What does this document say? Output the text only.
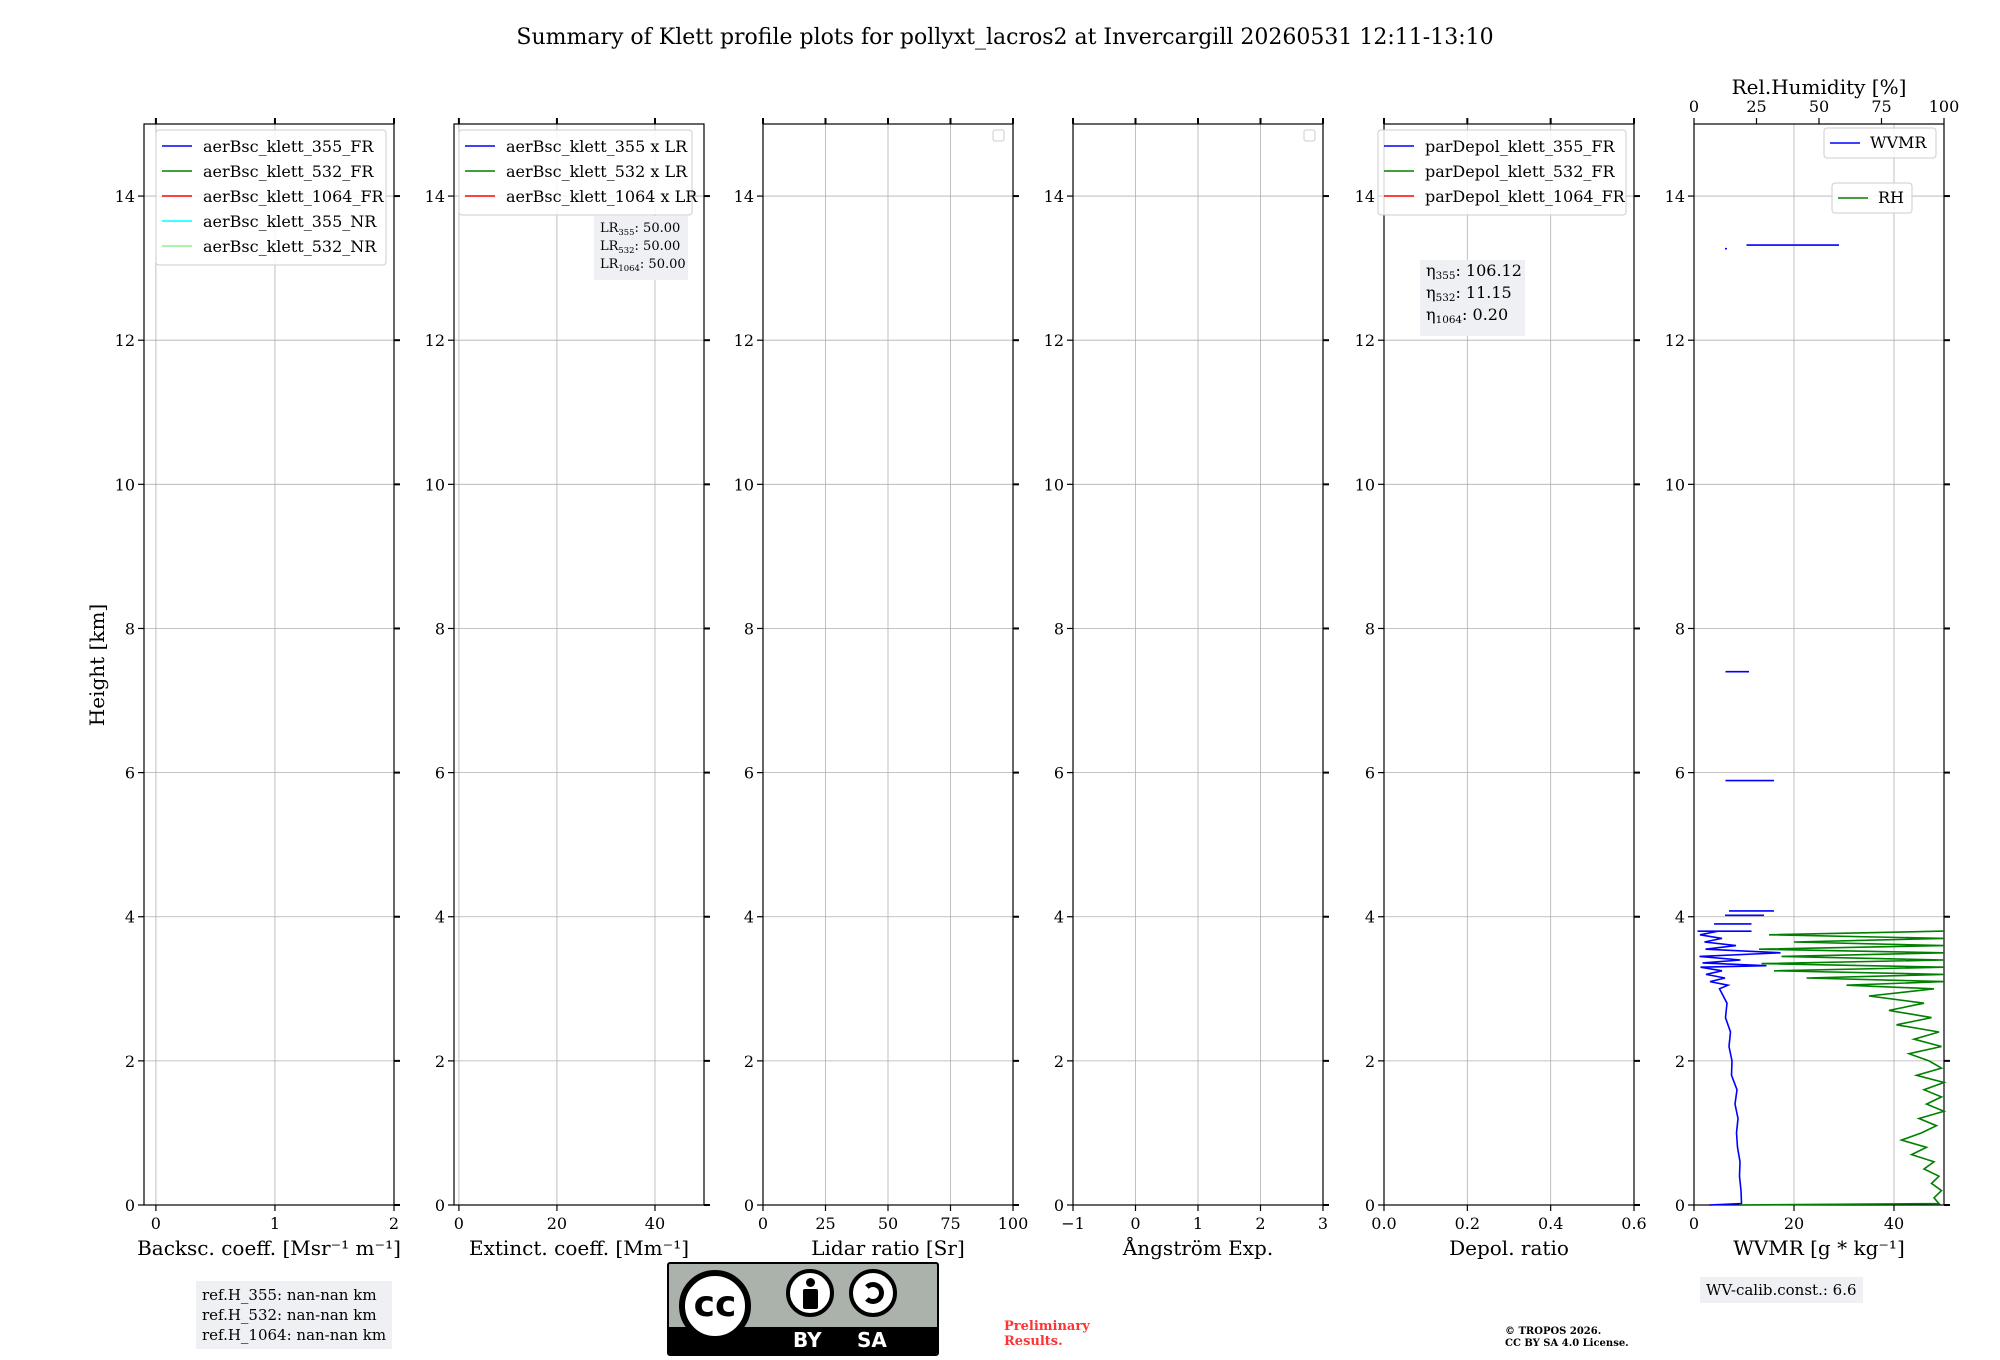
Summary of Klett profile plots for pollyxt_lacros2 at Invercargill 20260531 12:11-13:10
Height [km]
0
2
4
6
8
10
12
14
0	1	2
Backsc. coeff. [Msr⁻¹ m⁻¹]
aerBsc_klett_355_FR
aerBsc_klett_532_FR
aerBsc_klett_1064_FR
aerBsc_klett_355_NR
aerBsc_klett_532_NR
0
2
4
6
8
10
12
14
0	20	40
Extinct. coeff. [Mm⁻¹]
aerBsc_klett_355 x LR
aerBsc_klett_532 x LR
aerBsc_klett_1064 x LR
$LR_{355}$: 50.00
$LR_{532}$: 50.00
$LR_{1064}$: 50.00
0
2
4
6
8
10
12
14
0	25	50	75 100
Lidar ratio [Sr]
0
2
4
6
8
10
12
14
−1	0	1	2	3
Ångström Exp.
0
2
4
6
8
10
12
14
0.0	0.2	0.4	0.6
Depol. ratio
parDepol_klett_355_FR
parDepol_klett_532_FR
parDepol_klett_1064_FR
η355: 106.12
η532: 11.15
η1064: 0.20
0
2
4
6
8
10
12
14
0	20	40
WVMR [g * kg⁻¹]
0	25	50	75 100
Rel.Humidity [%]
WVMR
RH
ref.H_355: nan-nan km
ref.H_532: nan-nan km
ref.H_1064: nan-nan km
cc
BY SA
Preliminary
Results.
WV-calib.const.: 6.6
© TROPOS 2026.
CC BY SA 4.0 License.
